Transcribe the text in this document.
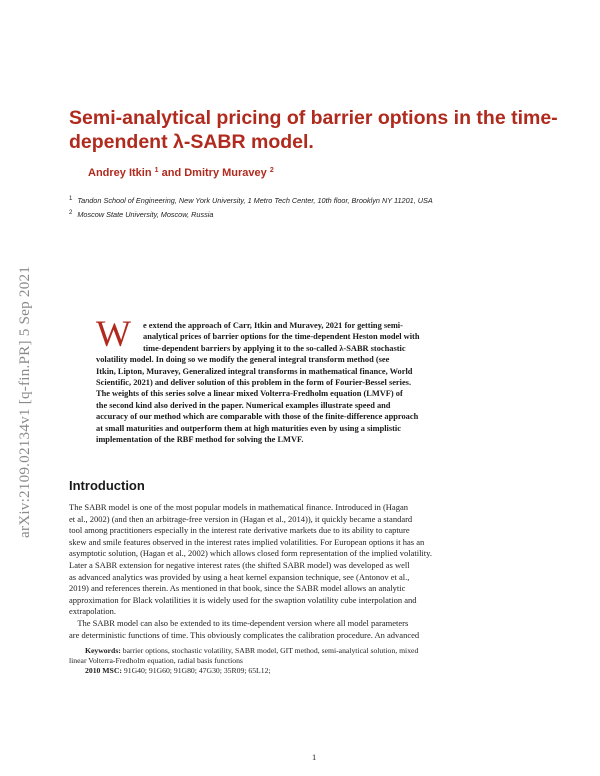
arXiv:2109.02134v1 [q-fin.PR] 5 Sep 2021
Semi-analytical pricing of barrier options in the time-
dependent λ-SABR model.
Andrey Itkin $^1$ and Dmitry Muravey $^2$
$^1$ Tandon School of Engineering, New York University, 1 Metro Tech Center, 10th floor, Brooklyn NY 11201, USA
$^2$ Moscow State University, Moscow, Russia
W	e extend the approach of Carr, Itkin and Muravey, 2021 for getting semi-
analytical prices of barrier options for the time-dependent Heston model with
time-dependent barriers by applying it to the so-called λ-SABR stochastic
volatility model. In doing so we modify the general integral transform method (see
Itkin, Lipton, Muravey, Generalized integral transforms in mathematical finance, World
Scientific, 2021) and deliver solution of this problem in the form of Fourier-Bessel series.
The weights of this series solve a linear mixed Volterra-Fredholm equation (LMVF) of
the second kind also derived in the paper. Numerical examples illustrate speed and
accuracy of our method which are comparable with those of the finite-difference approach
at small maturities and outperform them at high maturities even by using a simplistic
implementation of the RBF method for solving the LMVF.
Introduction
The SABR model is one of the most popular models in mathematical finance. Introduced in (Hagan
et al., 2002) (and then an arbitrage-free version in (Hagan et al., 2014)), it quickly became a standard
tool among practitioners especially in the interest rate derivative markets due to its ability to capture
skew and smile features observed in the interest rates implied volatilities. For European options it has an
asymptotic solution, (Hagan et al., 2002) which allows closed form representation of the implied volatility.
Later a SABR extension for negative interest rates (the shifted SABR model) was developed as well
as advanced analytics was provided by using a heat kernel expansion technique, see (Antonov et al.,
2019) and references therein. As mentioned in that book, since the SABR model allows an analytic
approximation for Black volatilities it is widely used for the swaption volatility cube interpolation and
extrapolation.
The SABR model can also be extended to its time-dependent version where all model parameters
are deterministic functions of time. This obviously complicates the calibration procedure. An advanced
Keywords: barrier options, stochastic volatility, SABR model, GIT method, semi-analytical solution, mixed
linear Volterra-Fredholm equation, radial basis functions
2010 MSC: 91G40; 91G60; 91G80; 47G30; 35R09; 65L12;
1
